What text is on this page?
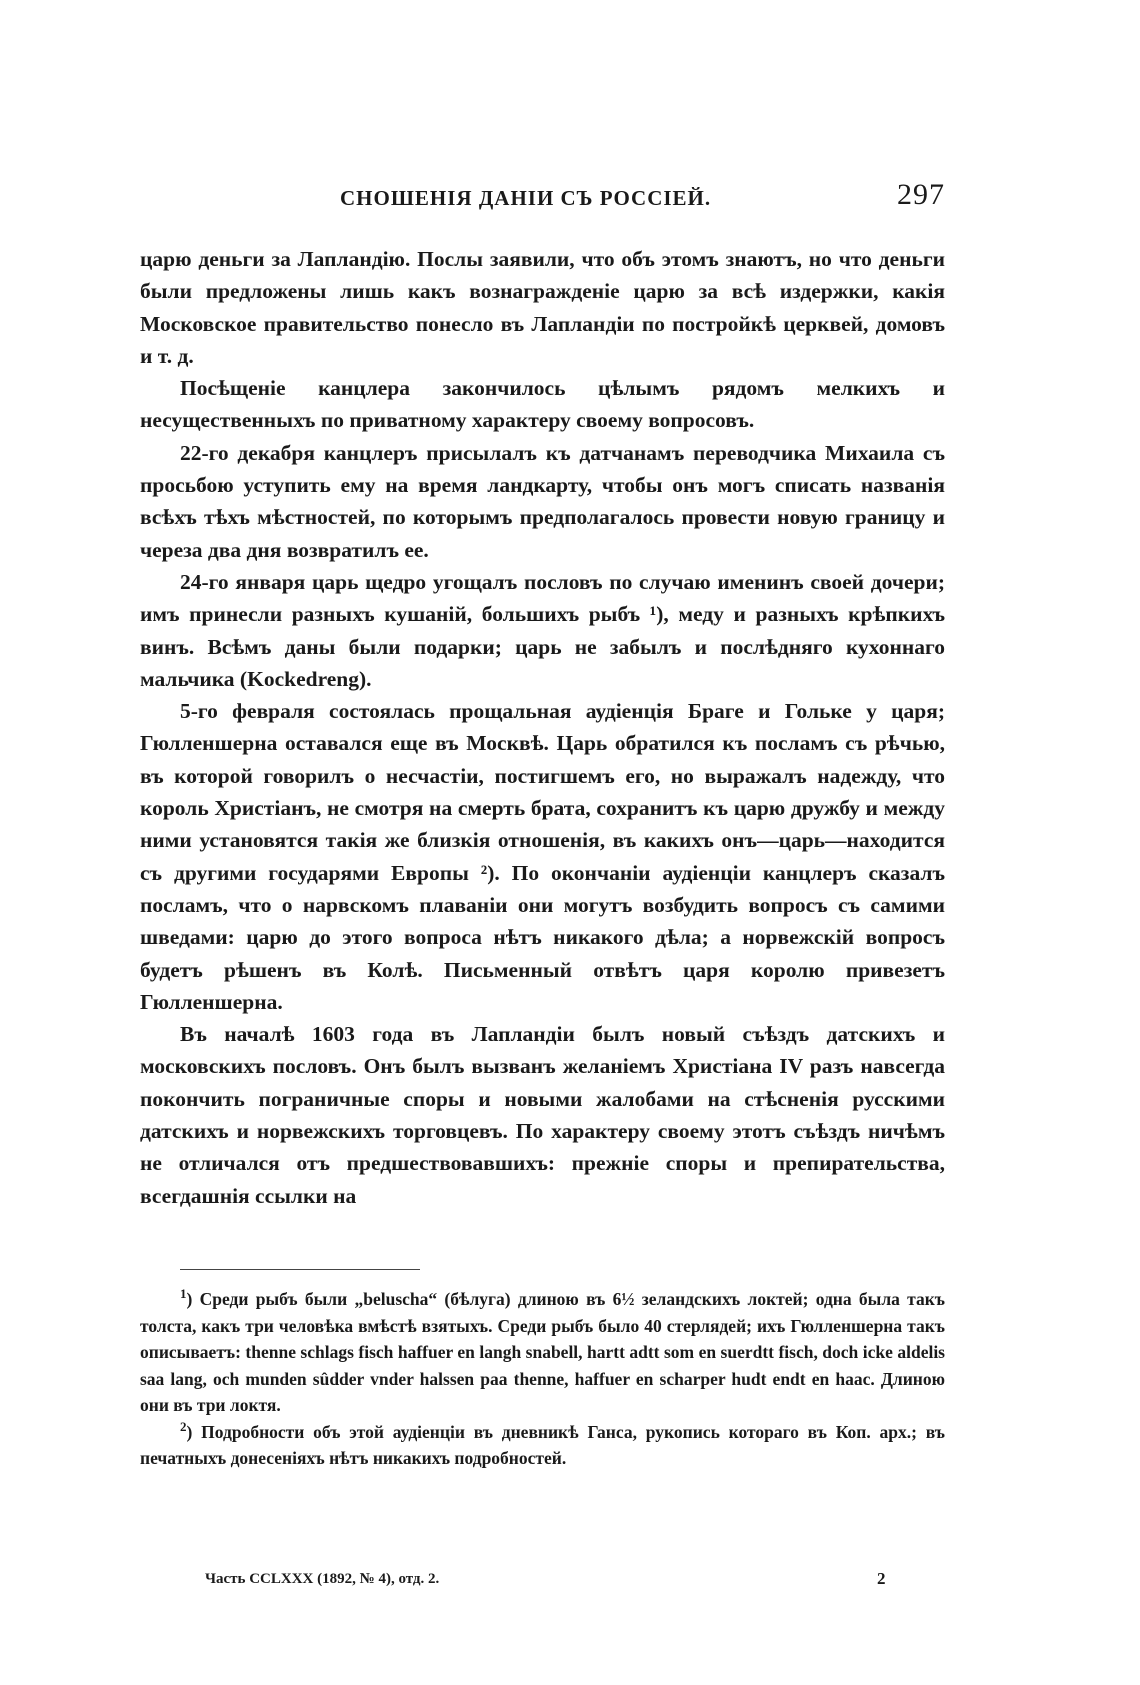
СНОШЕНІЯ ДАНІИ СЪ РОССІЕЙ.	297

царю деньги за Лапландію. Послы заявили, что объ этомъ знаютъ, но что деньги были предложены лишь какъ вознагражденіе царю за всѣ издержки, какія Московское правительство понесло въ Лапландіи по постройкѣ церквей, домовъ и т. д.

Посѣщеніе канцлера закончилось цѣлымъ рядомъ мелкихъ и несущественныхъ по приватному характеру своему вопросовъ.

22-го декабря канцлеръ присылалъ къ датчанамъ переводчика Михаила съ просьбою уступить ему на время ландкарту, чтобы онъ могъ списать названія всѣхъ тѣхъ мѣстностей, по которымъ предполагалось провести новую границу и череза два дня возвратилъ ее.

24-го января царь щедро угощалъ пословъ по случаю именинъ своей дочери; имъ принесли разныхъ кушаній, большихъ рыбъ ¹), меду и разныхъ крѣпкихъ винъ. Всѣмъ даны были подарки; царь не забылъ и послѣдняго кухоннаго мальчика (Kockedreng).

5-го февраля состоялась прощальная аудіенція Браге и Гольке у царя; Гюлленшерна оставался еще въ Москвѣ. Царь обратился къ посламъ съ рѣчью, въ которой говорилъ о несчастіи, постигшемъ его, но выражалъ надежду, что король Христіанъ, не смотря на смерть брата, сохранитъ къ царю дружбу и между ними установятся такія же близкія отношенія, въ какихъ онъ—царь—находится съ другими государями Европы ²). По окончаніи аудіенціи канцлеръ сказалъ посламъ, что о нарвскомъ плаваніи они могутъ возбудить вопросъ съ самими шведами: царю до этого вопроса нѣтъ никакого дѣла; а норвежскій вопросъ будетъ рѣшенъ въ Колѣ. Письменный отвѣтъ царя королю привезетъ Гюлленшерна.

Въ началѣ 1603 года въ Лапландіи былъ новый съѣздъ датскихъ и московскихъ пословъ. Онъ былъ вызванъ желаніемъ Христіана IV разъ навсегда покончить пограничные споры и новыми жалобами на стѣсненія русскими датскихъ и норвежскихъ торговцевъ. По характеру своему этотъ съѣздъ ничѣмъ не отличался отъ предшествовавшихъ: прежніе споры и препирательства, всегдашнія ссылки на

$^1$) Среди рыбъ были „beluscha“ (бѣлуга) длиною въ 6½ зеландскихъ локтей; одна была такъ толста, какъ три человѣка вмѣстѣ взятыхъ. Среди рыбъ было 40 стерлядей; ихъ Гюлленшерна такъ описываетъ: thenne schlags fisch haffuer en langh snabell, hartt adtt som en suerdtt fisch, doch icke aldelis saa lang, och munden sûdder vnder halssen paa thenne, haffuer en scharper hudt endt en haac. Длиною они въ три локтя.

$^2$) Подробности объ этой аудіенціи въ дневникѣ Ганса, рукопись котораго въ Коп. арх.; въ печатныхъ донесеніяхъ нѣтъ никакихъ подробностей.

Часть CCLXXX (1892, № 4), отд. 2.	2
